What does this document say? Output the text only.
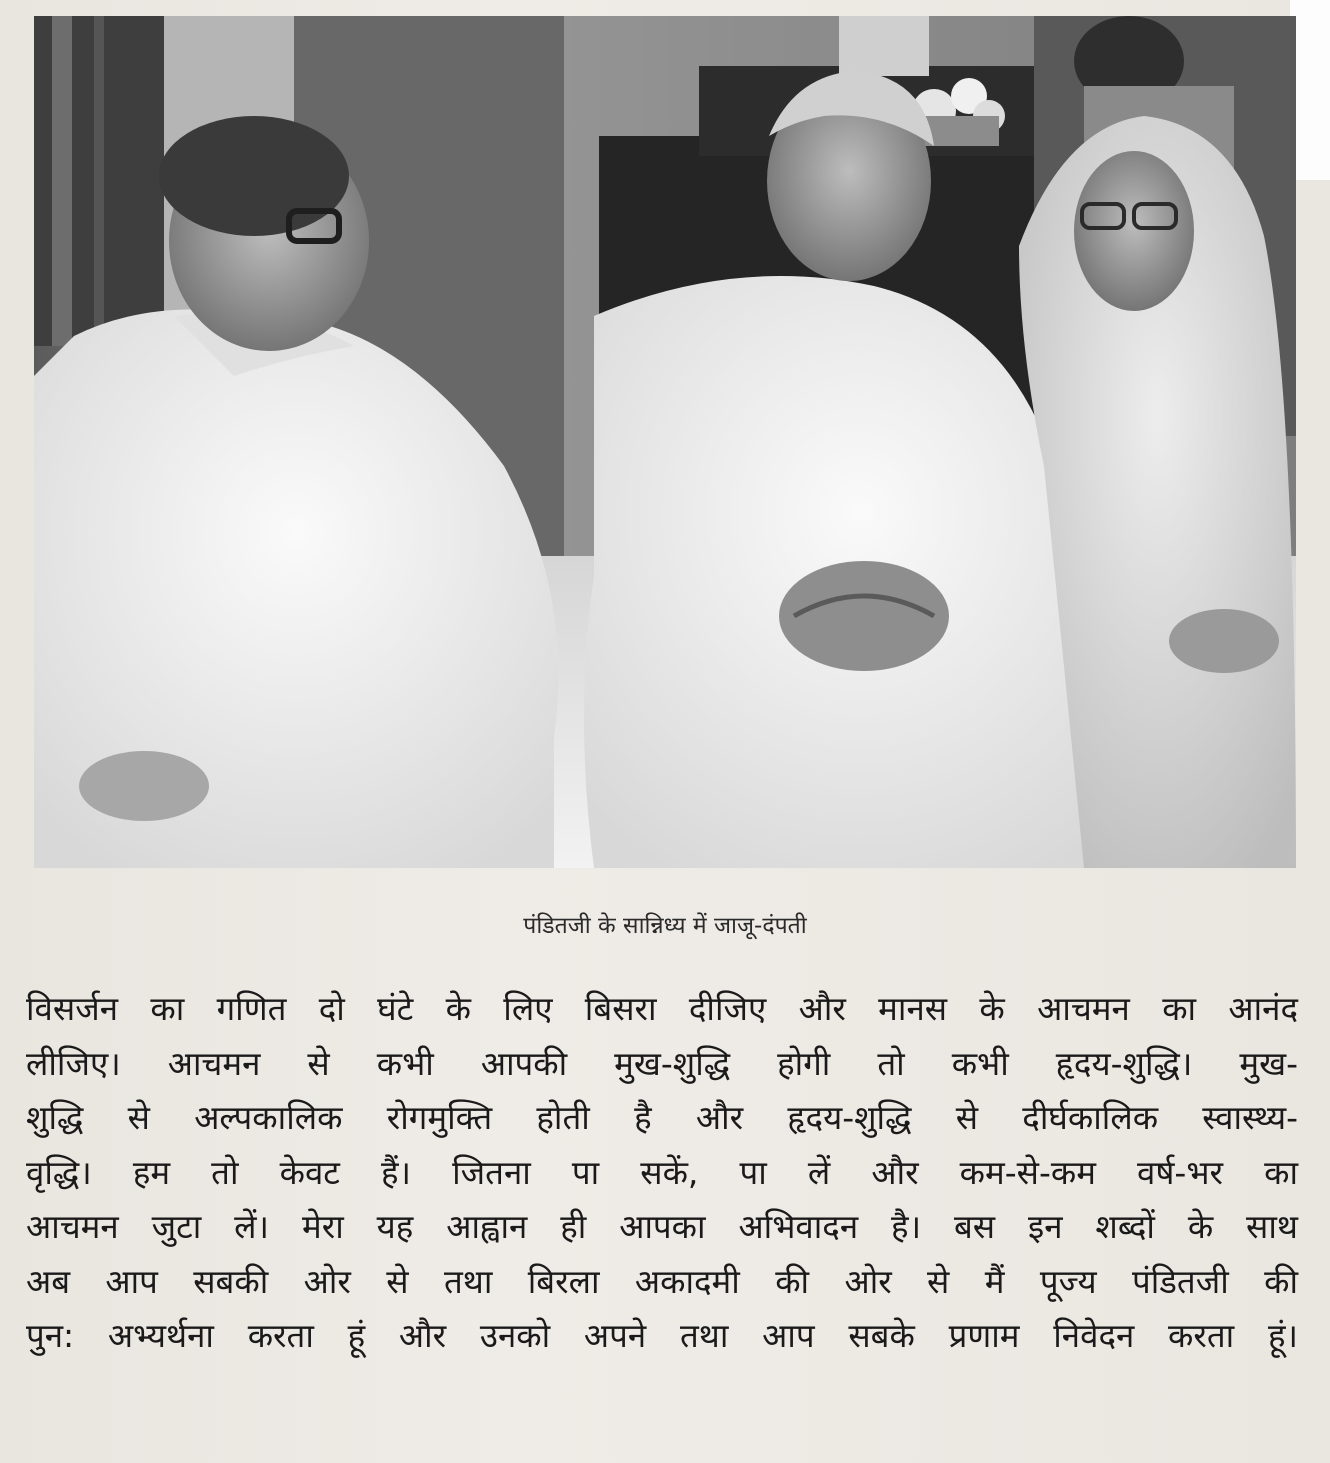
पंडितजी के सान्निध्य में जाजू-दंपती
विसर्जन का गणित दो घंटे के लिए बिसरा दीजिए और मानस के आचमन का आनंद
लीजिए। आचमन से कभी आपकी मुख-शुद्धि होगी तो कभी हृदय-शुद्धि। मुख-
शुद्धि से अल्पकालिक रोगमुक्ति होती है और हृदय-शुद्धि से दीर्घकालिक स्वास्थ्य-
वृद्धि। हम तो केवट हैं। जितना पा सकें, पा लें और कम-से-कम वर्ष-भर का
आचमन जुटा लें। मेरा यह आह्वान ही आपका अभिवादन है। बस इन शब्दों के साथ
अब आप सबकी ओर से तथा बिरला अकादमी की ओर से मैं पूज्य पंडितजी की
पुन: अभ्यर्थना करता हूं और उनको अपने तथा आप सबके प्रणाम निवेदन करता हूं।
